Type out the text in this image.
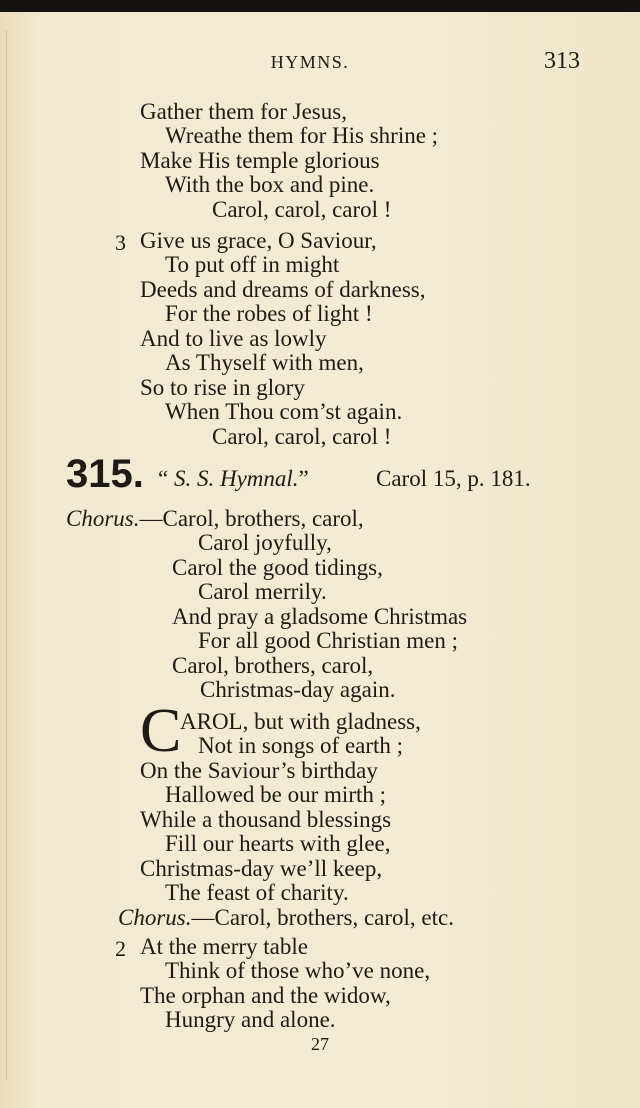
HYMNS.	313
Gather them for Jesus,
Wreathe them for His shrine ;
Make His temple glorious
With the box and pine.
Carol, carol, carol !
3 Give us grace, O Saviour,
To put off in might
Deeds and dreams of darkness,
For the robes of light !
And to live as lowly
As Thyself with men,
So to rise in glory
When Thou com’st again.
Carol, carol, carol !
315. “ S. S. Hymnal.”	Carol 15, p. 181.
Chorus.—Carol, brothers, carol,
Carol joyfully,
Carol the good tidings,
Carol merrily.
And pray a gladsome Christmas
For all good Christian men ;
Carol, brothers, carol,
Christmas-day again.
C
AROL, but with gladness,
Not in songs of earth ;
On the Saviour’s birthday
Hallowed be our mirth ;
While a thousand blessings
Fill our hearts with glee,
Christmas-day we’ll keep,
The feast of charity.
Chorus.—Carol, brothers, carol, etc.
2 At the merry table
Think of those who’ve none,
The orphan and the widow,
Hungry and alone.
27
